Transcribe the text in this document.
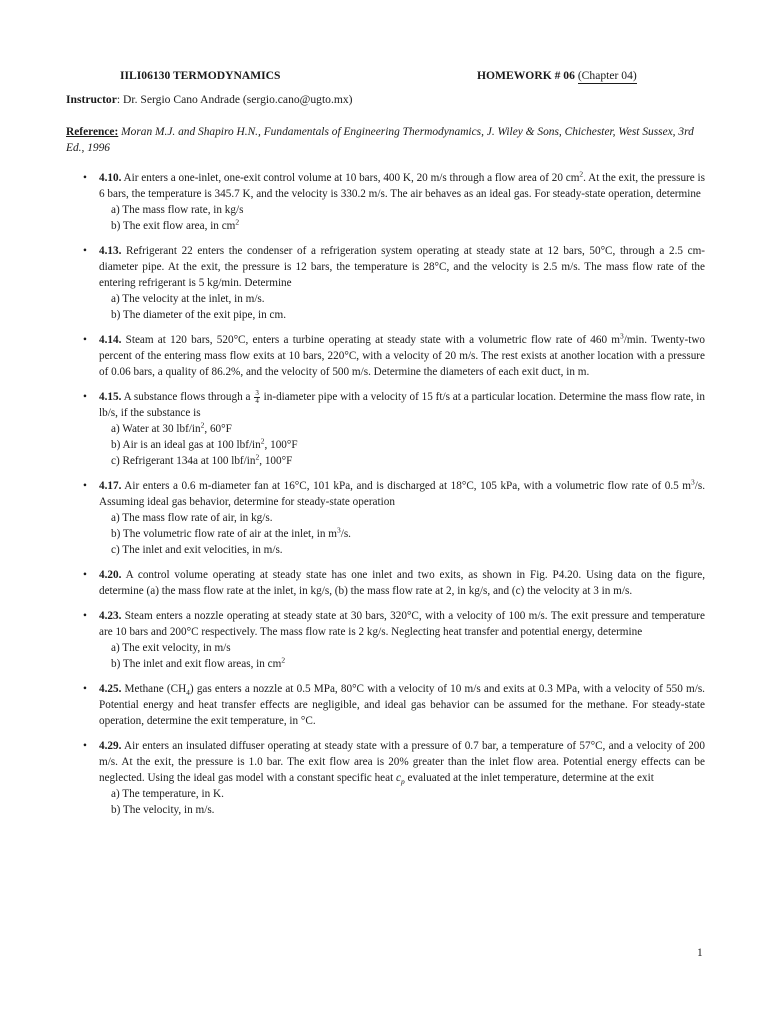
IILI06130 TERMODYNAMICS	HOMEWORK # 06 (Chapter 04)
Instructor: Dr. Sergio Cano Andrade (sergio.cano@ugto.mx)
Reference: Moran M.J. and Shapiro H.N., Fundamentals of Engineering Thermodynamics, J. Wiley & Sons, Chichester, West Sussex, 3rd Ed., 1996
• 4.10. Air enters a one-inlet, one-exit control volume at 10 bars, 400 K, 20 m/s through a flow area of 20 $cm^2$. At the exit, the pressure is 6 bars, the temperature is 345.7 K, and the velocity is 330.2 m/s. The air behaves as an ideal gas. For steady-state operation, determine
a) The mass flow rate, in kg/s
b) The exit flow area, in $cm^2$
• 4.13. Refrigerant 22 enters the condenser of a refrigeration system operating at steady state at 12 bars, 50°C, through a 2.5 cm-diameter pipe. At the exit, the pressure is 12 bars, the temperature is 28°C, and the velocity is 2.5 m/s. The mass flow rate of the entering refrigerant is 5 kg/min. Determine
a) The velocity at the inlet, in m/s.
b) The diameter of the exit pipe, in cm.
• 4.14. Steam at 120 bars, 520°C, enters a turbine operating at steady state with a volumetric flow rate of 460 $m^3/\min$. Twenty-two percent of the entering mass flow exits at 10 bars, 220°C, with a velocity of 20 m/s. The rest exists at another location with a pressure of 0.06 bars, a quality of 86.2%, and the velocity of 500 m/s. Determine the diameters of each exit duct, in m.
• 4.15. A substance flows through a $\frac{3}{4}$ in-diameter pipe with a velocity of 15 ft/s at a particular location. Determine the mass flow rate, in lb/s, if the substance is
a) Water at 30 lbf/$in^2$, 60°F
b) Air is an ideal gas at 100 lbf/$in^2$, 100°F
c) Refrigerant 134a at 100 lbf/$in^2$, 100°F
• 4.17. Air enters a 0.6 m-diameter fan at 16°C, 101 kPa, and is discharged at 18°C, 105 kPa, with a volumetric flow rate of 0.5 $m^3/s$. Assuming ideal gas behavior, determine for steady-state operation
a) The mass flow rate of air, in kg/s.
b) The volumetric flow rate of air at the inlet, in $m^3/s$.
c) The inlet and exit velocities, in m/s.
• 4.20. A control volume operating at steady state has one inlet and two exits, as shown in Fig. P4.20. Using data on the figure, determine (a) the mass flow rate at the inlet, in kg/s, (b) the mass flow rate at 2, in kg/s, and (c) the velocity at 3 in m/s.
• 4.23. Steam enters a nozzle operating at steady state at 30 bars, 320°C, with a velocity of 100 m/s. The exit pressure and temperature are 10 bars and 200°C respectively. The mass flow rate is 2 kg/s. Neglecting heat transfer and potential energy, determine
a) The exit velocity, in m/s
b) The inlet and exit flow areas, in $cm^2$
• 4.25. Methane $(CH_4)$ gas enters a nozzle at 0.5 MPa, 80°C with a velocity of 10 m/s and exits at 0.3 MPa, with a velocity of 550 m/s. Potential energy and heat transfer effects are negligible, and ideal gas behavior can be assumed for the methane. For steady-state operation, determine the exit temperature, in °C.
• 4.29. Air enters an insulated diffuser operating at steady state with a pressure of 0.7 bar, a temperature of 57°C, and a velocity of 200 m/s. At the exit, the pressure is 1.0 bar. The exit flow area is 20% greater than the inlet flow area. Potential energy effects can be neglected. Using the ideal gas model with a constant specific heat $c_p$ evaluated at the inlet temperature, determine at the exit
a) The temperature, in K.
b) The velocity, in m/s.
1
